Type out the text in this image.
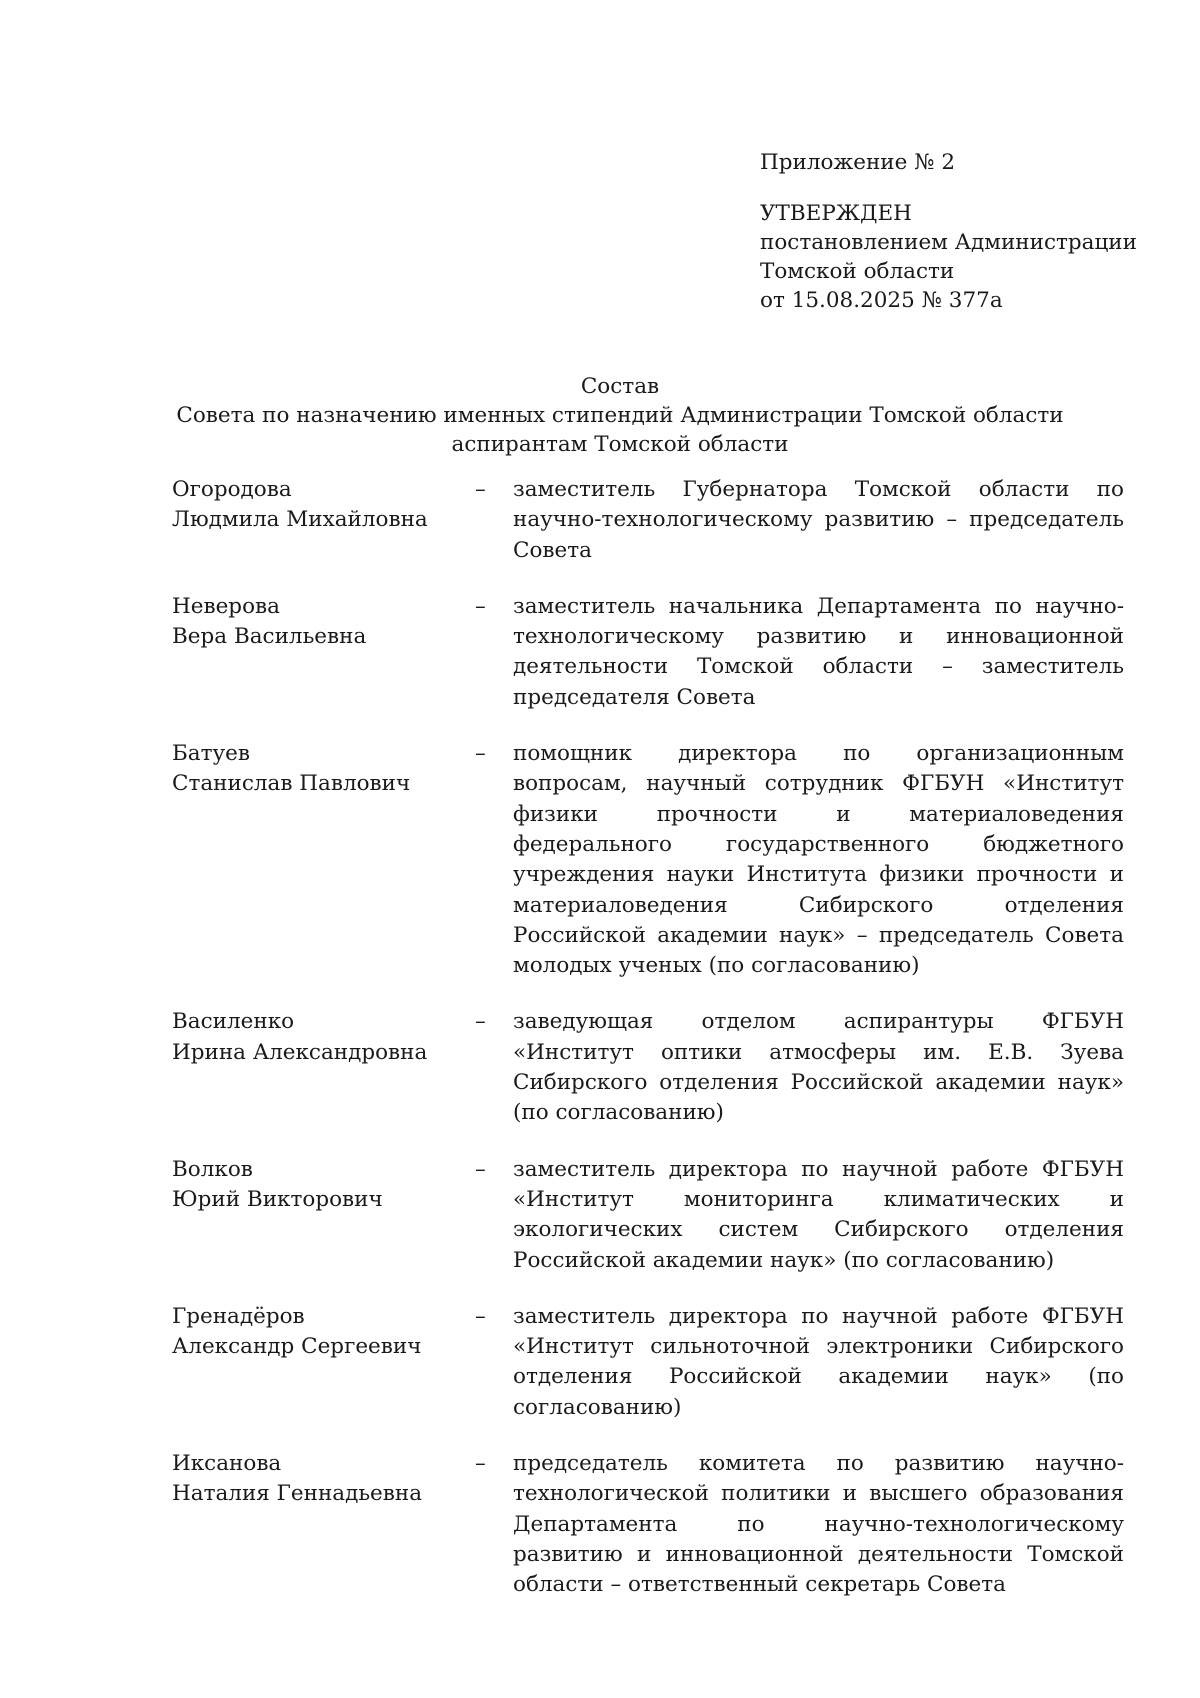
Приложение № 2
УТВЕРЖДЕН
постановлением Администрации
Томской области
от 15.08.2025 № 377а
Состав
Совета по назначению именных стипендий Администрации Томской области
аспирантам Томской области
Огородова
Людмила Михайловна
–	заместитель Губернатора Томской области по научно-технологическому развитию – председатель Совета
Неверова
Вера Васильевна
–	заместитель начальника Департамента по научно-технологическому развитию и инновационной деятельности Томской области – заместитель председателя Совета
Батуев
Станислав Павлович
–	помощник директора по организационным вопросам, научный сотрудник ФГБУН «Институт физики прочности и материаловедения федерального государственного бюджетного учреждения науки Института физики прочности и материаловедения Сибирского отделения Российской академии наук» – председатель Совета молодых ученых (по согласованию)
Василенко
Ирина Александровна
–	заведующая отделом аспирантуры ФГБУН «Институт оптики атмосферы им. Е.В. Зуева Сибирского отделения Российской академии наук» (по согласованию)
Волков
Юрий Викторович
–	заместитель директора по научной работе ФГБУН «Институт мониторинга климатических и экологических систем Сибирского отделения Российской академии наук» (по согласованию)
Гренадёров
Александр Сергеевич
–	заместитель директора по научной работе ФГБУН «Институт сильноточной электроники Сибирского отделения Российской академии наук» (по согласованию)
Иксанова
Наталия Геннадьевна
–	председатель комитета по развитию научно-технологической политики и высшего образования Департамента по научно-технологическому развитию и инновационной деятельности Томской области – ответственный секретарь Совета
